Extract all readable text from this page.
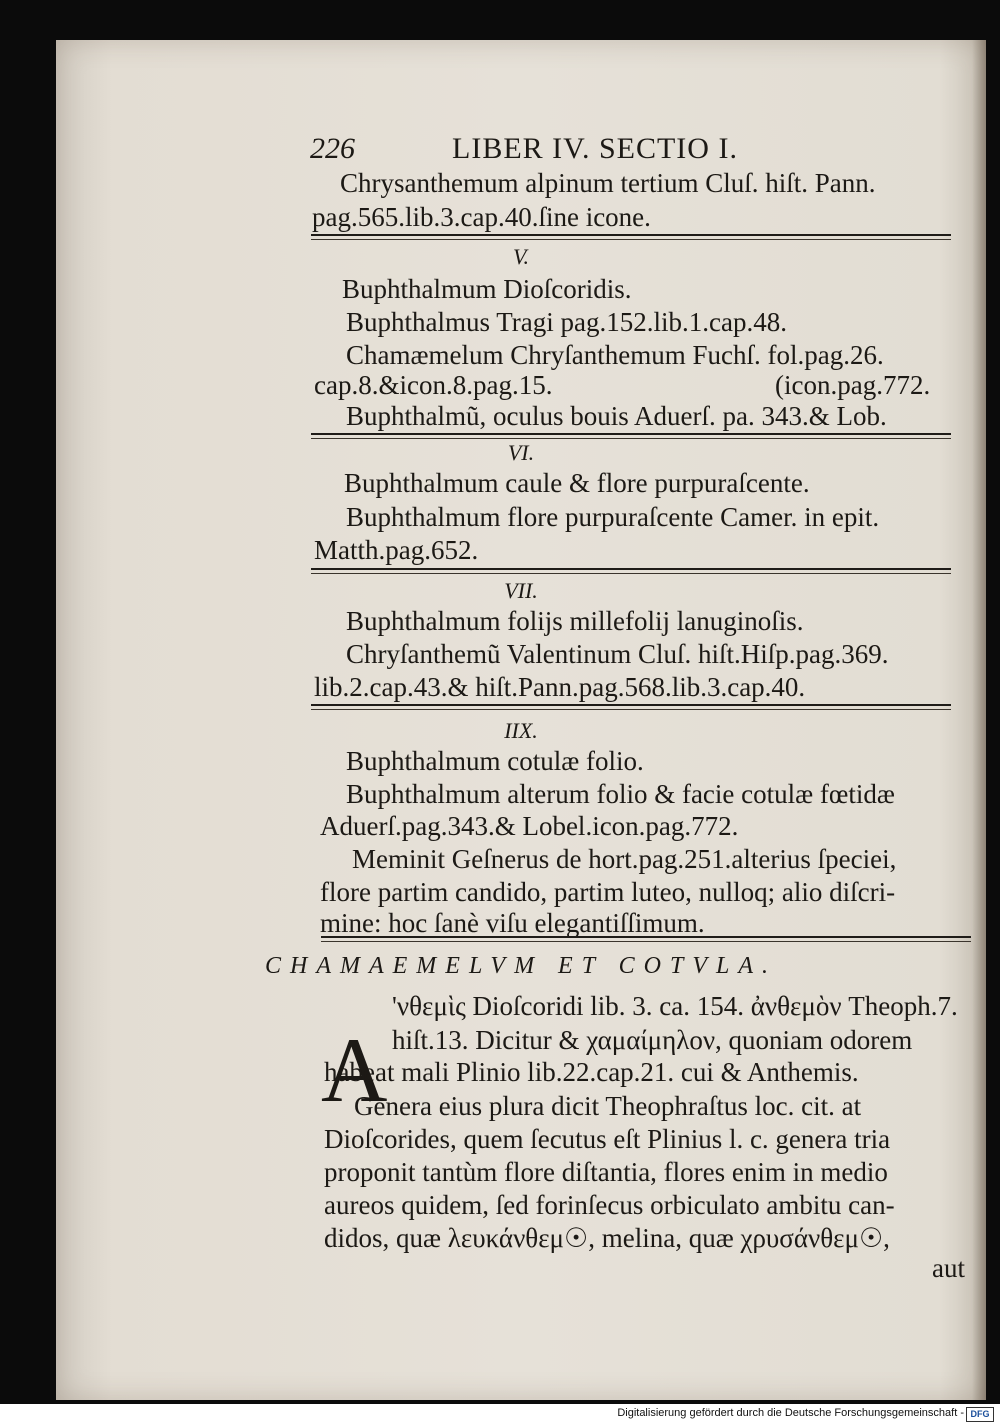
226	LIBER IV. SECTIO I.
Chrysanthemum alpinum tertium Cluſ. hiſt. Pann.
pag.565.lib.3.cap.40.ſine icone.
V.
Buphthalmum Dioſcoridis.
Buphthalmus Tragi pag.152.lib.1.cap.48.
Chamæmelum Chryſanthemum Fuchſ. fol.pag.26.
cap.8.&icon.8.pag.15.	(icon.pag.772.
Buphthalmũ, oculus bouis Aduerſ. pa. 343.& Lob.
VI.
Buphthalmum caule & flore purpuraſcente.
Buphthalmum flore purpuraſcente Camer. in epit.
Matth.pag.652.
VII.
Buphthalmum folijs millefolij lanuginoſis.
Chryſanthemũ Valentinum Cluſ. hiſt.Hiſp.pag.369.
lib.2.cap.43.& hiſt.Pann.pag.568.lib.3.cap.40.
IIX.
Buphthalmum cotulæ folio.
Buphthalmum alterum folio & facie cotulæ fœtidæ
Aduerſ.pag.343.& Lobel.icon.pag.772.
Meminit Geſnerus de hort.pag.251.alterius ſpeciei,
flore partim candido, partim luteo, nulloq; alio diſcri-
mine: hoc ſanè viſu elegantiſſimum.
CHAMAEMELVM ET COTVLA.
A
'νθεμὶς Dioſcoridi lib. 3. ca. 154. ἀνθεμὸν Theoph.7.
hiſt.13. Dicitur & χαμαίμηλον, quoniam odorem
habeat mali Plinio lib.22.cap.21. cui & Anthemis.
Genera eius plura dicit Theophraſtus loc. cit. at
Dioſcorides, quem ſecutus eſt Plinius l. c. genera tria
proponit tantùm flore diſtantia, flores enim in medio
aureos quidem, ſed forinſecus orbiculato ambitu can-
didos, quæ λευκάνθεμ☉, melina, quæ χρυσάνθεμ☉,
aut
Digitalisierung gefördert durch die Deutsche Forschungsgemeinschaft - DFG
